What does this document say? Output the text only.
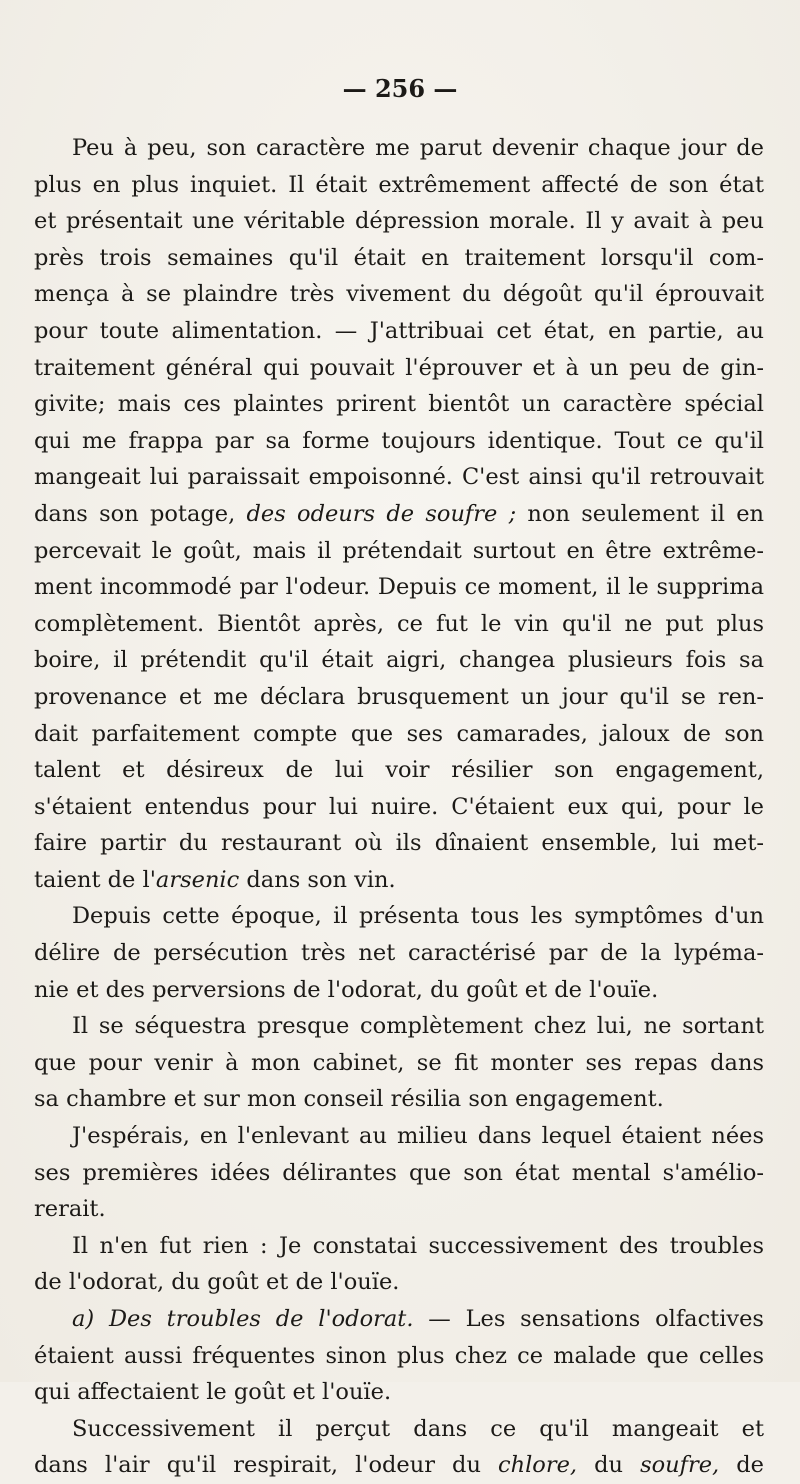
— 256 —
Peu à peu, son caractère me parut devenir chaque jour de
plus en plus inquiet. Il était extrêmement affecté de son état
et présentait une véritable dépression morale. Il y avait à peu
près trois semaines qu'il était en traitement lorsqu'il com-
mença à se plaindre très vivement du dégoût qu'il éprouvait
pour toute alimentation. — J'attribuai cet état, en partie, au
traitement général qui pouvait l'éprouver et à un peu de gin-
givite; mais ces plaintes prirent bientôt un caractère spécial
qui me frappa par sa forme toujours identique. Tout ce qu'il
mangeait lui paraissait empoisonné. C'est ainsi qu'il retrouvait
dans son potage, des odeurs de soufre ; non seulement il en
percevait le goût, mais il prétendait surtout en être extrême-
ment incommodé par l'odeur. Depuis ce moment, il le supprima
complètement. Bientôt après, ce fut le vin qu'il ne put plus
boire, il prétendit qu'il était aigri, changea plusieurs fois sa
provenance et me déclara brusquement un jour qu'il se ren-
dait parfaitement compte que ses camarades, jaloux de son
talent et désireux de lui voir résilier son engagement,
s'étaient entendus pour lui nuire. C'étaient eux qui, pour le
faire partir du restaurant où ils dînaient ensemble, lui met-
taient de l'arsenic dans son vin.
Depuis cette époque, il présenta tous les symptômes d'un
délire de persécution très net caractérisé par de la lypéma-
nie et des perversions de l'odorat, du goût et de l'ouïe.
Il se séquestra presque complètement chez lui, ne sortant
que pour venir à mon cabinet, se fit monter ses repas dans
sa chambre et sur mon conseil résilia son engagement.
J'espérais, en l'enlevant au milieu dans lequel étaient nées
ses premières idées délirantes que son état mental s'amélio-
rerait.
Il n'en fut rien : Je constatai successivement des troubles
de l'odorat, du goût et de l'ouïe.
a) Des troubles de l'odorat. — Les sensations olfactives
étaient aussi fréquentes sinon plus chez ce malade que celles
qui affectaient le goût et l'ouïe.
Successivement il perçut dans ce qu'il mangeait et
dans l'air qu'il respirait, l'odeur du chlore, du soufre, de
